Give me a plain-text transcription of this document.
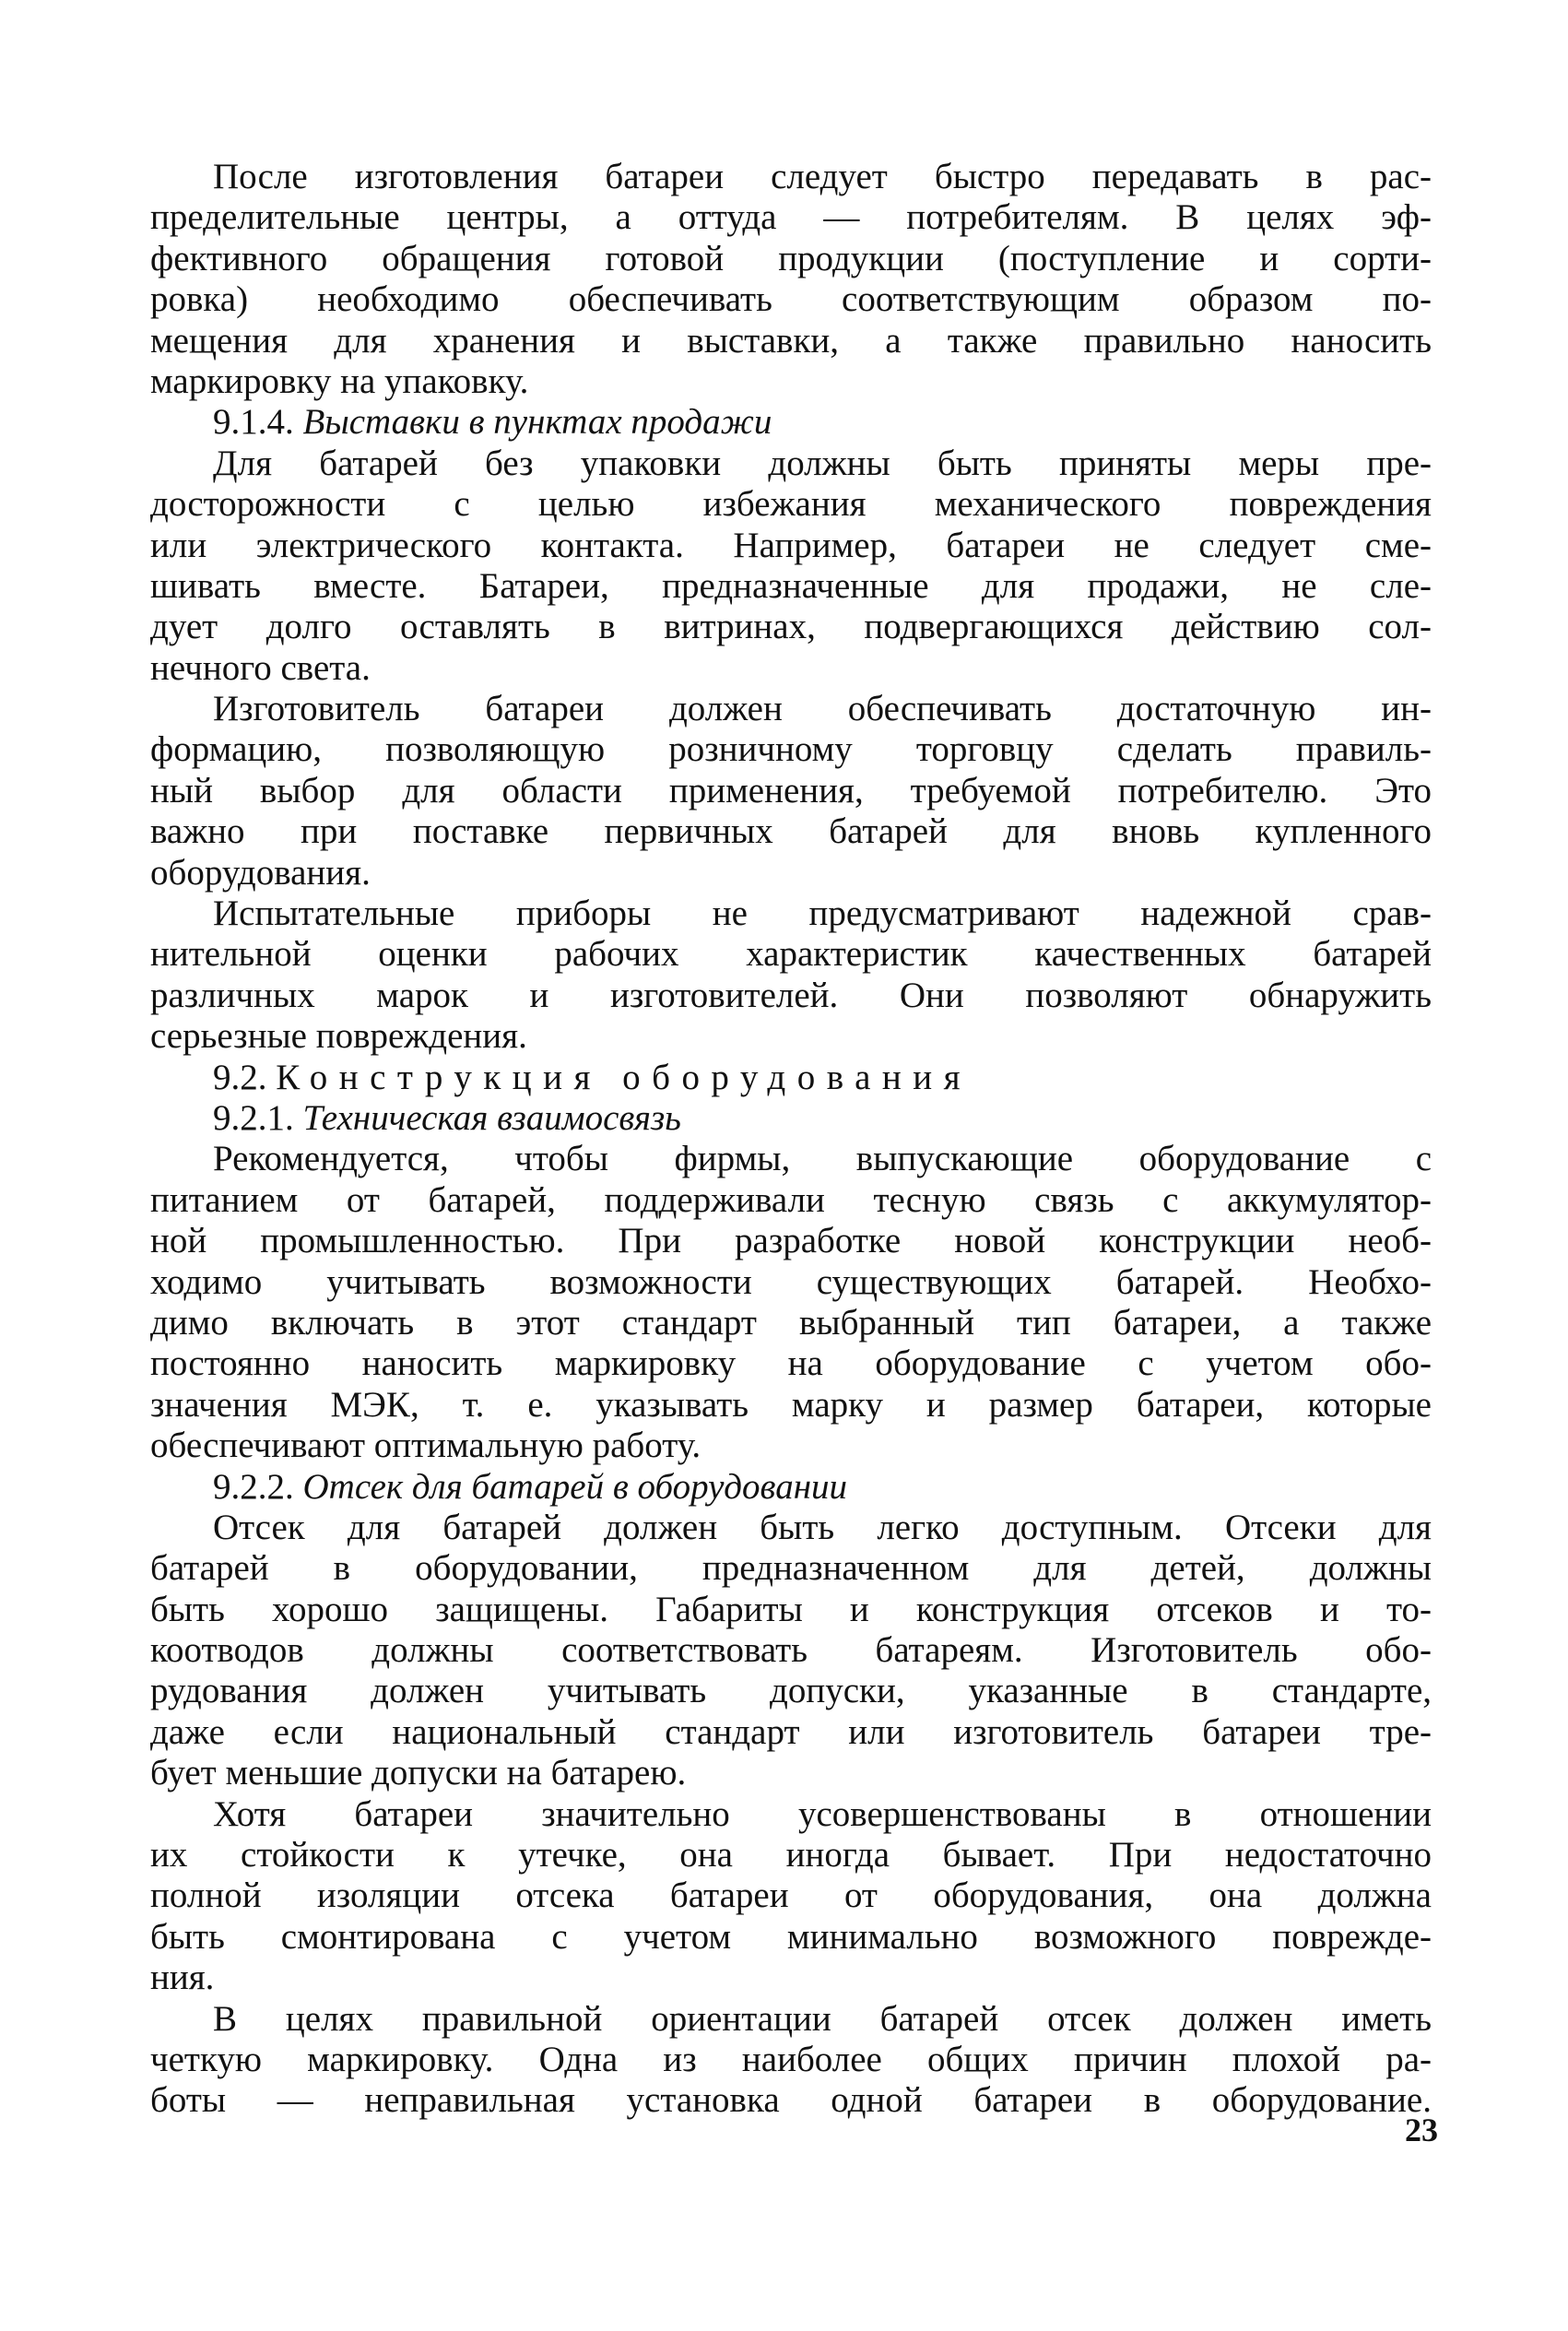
После изготовления батареи следует быстро передавать в рас-
пределительные центры, а оттуда — потребителям. В целях эф-
фективного обращения готовой продукции (поступление и сорти-
ровка) необходимо обеспечивать соответствующим образом по-
мещения для хранения и выставки, а также правильно наносить
маркировку на упаковку.
9.1.4. Выставки в пунктах продажи
Для батарей без упаковки должны быть приняты меры пре-
досторожности с целью избежания механического повреждения
или электрического контакта. Например, батареи не следует сме-
шивать вместе. Батареи, предназначенные для продажи, не сле-
дует долго оставлять в витринах, подвергающихся действию сол-
нечного света.
Изготовитель батареи должен обеспечивать достаточную ин-
формацию, позволяющую розничному торговцу сделать правиль-
ный выбор для области применения, требуемой потребителю. Это
важно при поставке первичных батарей для вновь купленного
оборудования.
Испытательные приборы не предусматривают надежной срав-
нительной оценки рабочих характеристик качественных батарей
различных марок и изготовителей. Они позволяют обнаружить
серьезные повреждения.
9.2. Конструкция оборудования
9.2.1. Техническая взаимосвязь
Рекомендуется, чтобы фирмы, выпускающие оборудование с
питанием от батарей, поддерживали тесную связь с аккумулятор-
ной промышленностью. При разработке новой конструкции необ-
ходимо учитывать возможности существующих батарей. Необхо-
димо включать в этот стандарт выбранный тип батареи, а также
постоянно наносить маркировку на оборудование с учетом обо-
значения МЭК, т. е. указывать марку и размер батареи, которые
обеспечивают оптимальную работу.
9.2.2. Отсек для батарей в оборудовании
Отсек для батарей должен быть легко доступным. Отсеки для
батарей в оборудовании, предназначенном для детей, должны
быть хорошо защищены. Габариты и конструкция отсеков и то-
коотводов должны соответствовать батареям. Изготовитель обо-
рудования должен учитывать допуски, указанные в стандарте,
даже если национальный стандарт или изготовитель батареи тре-
бует меньшие допуски на батарею.
Хотя батареи значительно усовершенствованы в отношении
их стойкости к утечке, она иногда бывает. При недостаточно
полной изоляции отсека батареи от оборудования, она должна
быть смонтирована с учетом минимально возможного поврежде-
ния.
В целях правильной ориентации батарей отсек должен иметь
четкую маркировку. Одна из наиболее общих причин плохой ра-
боты — неправильная установка одной батареи в оборудование.
23
